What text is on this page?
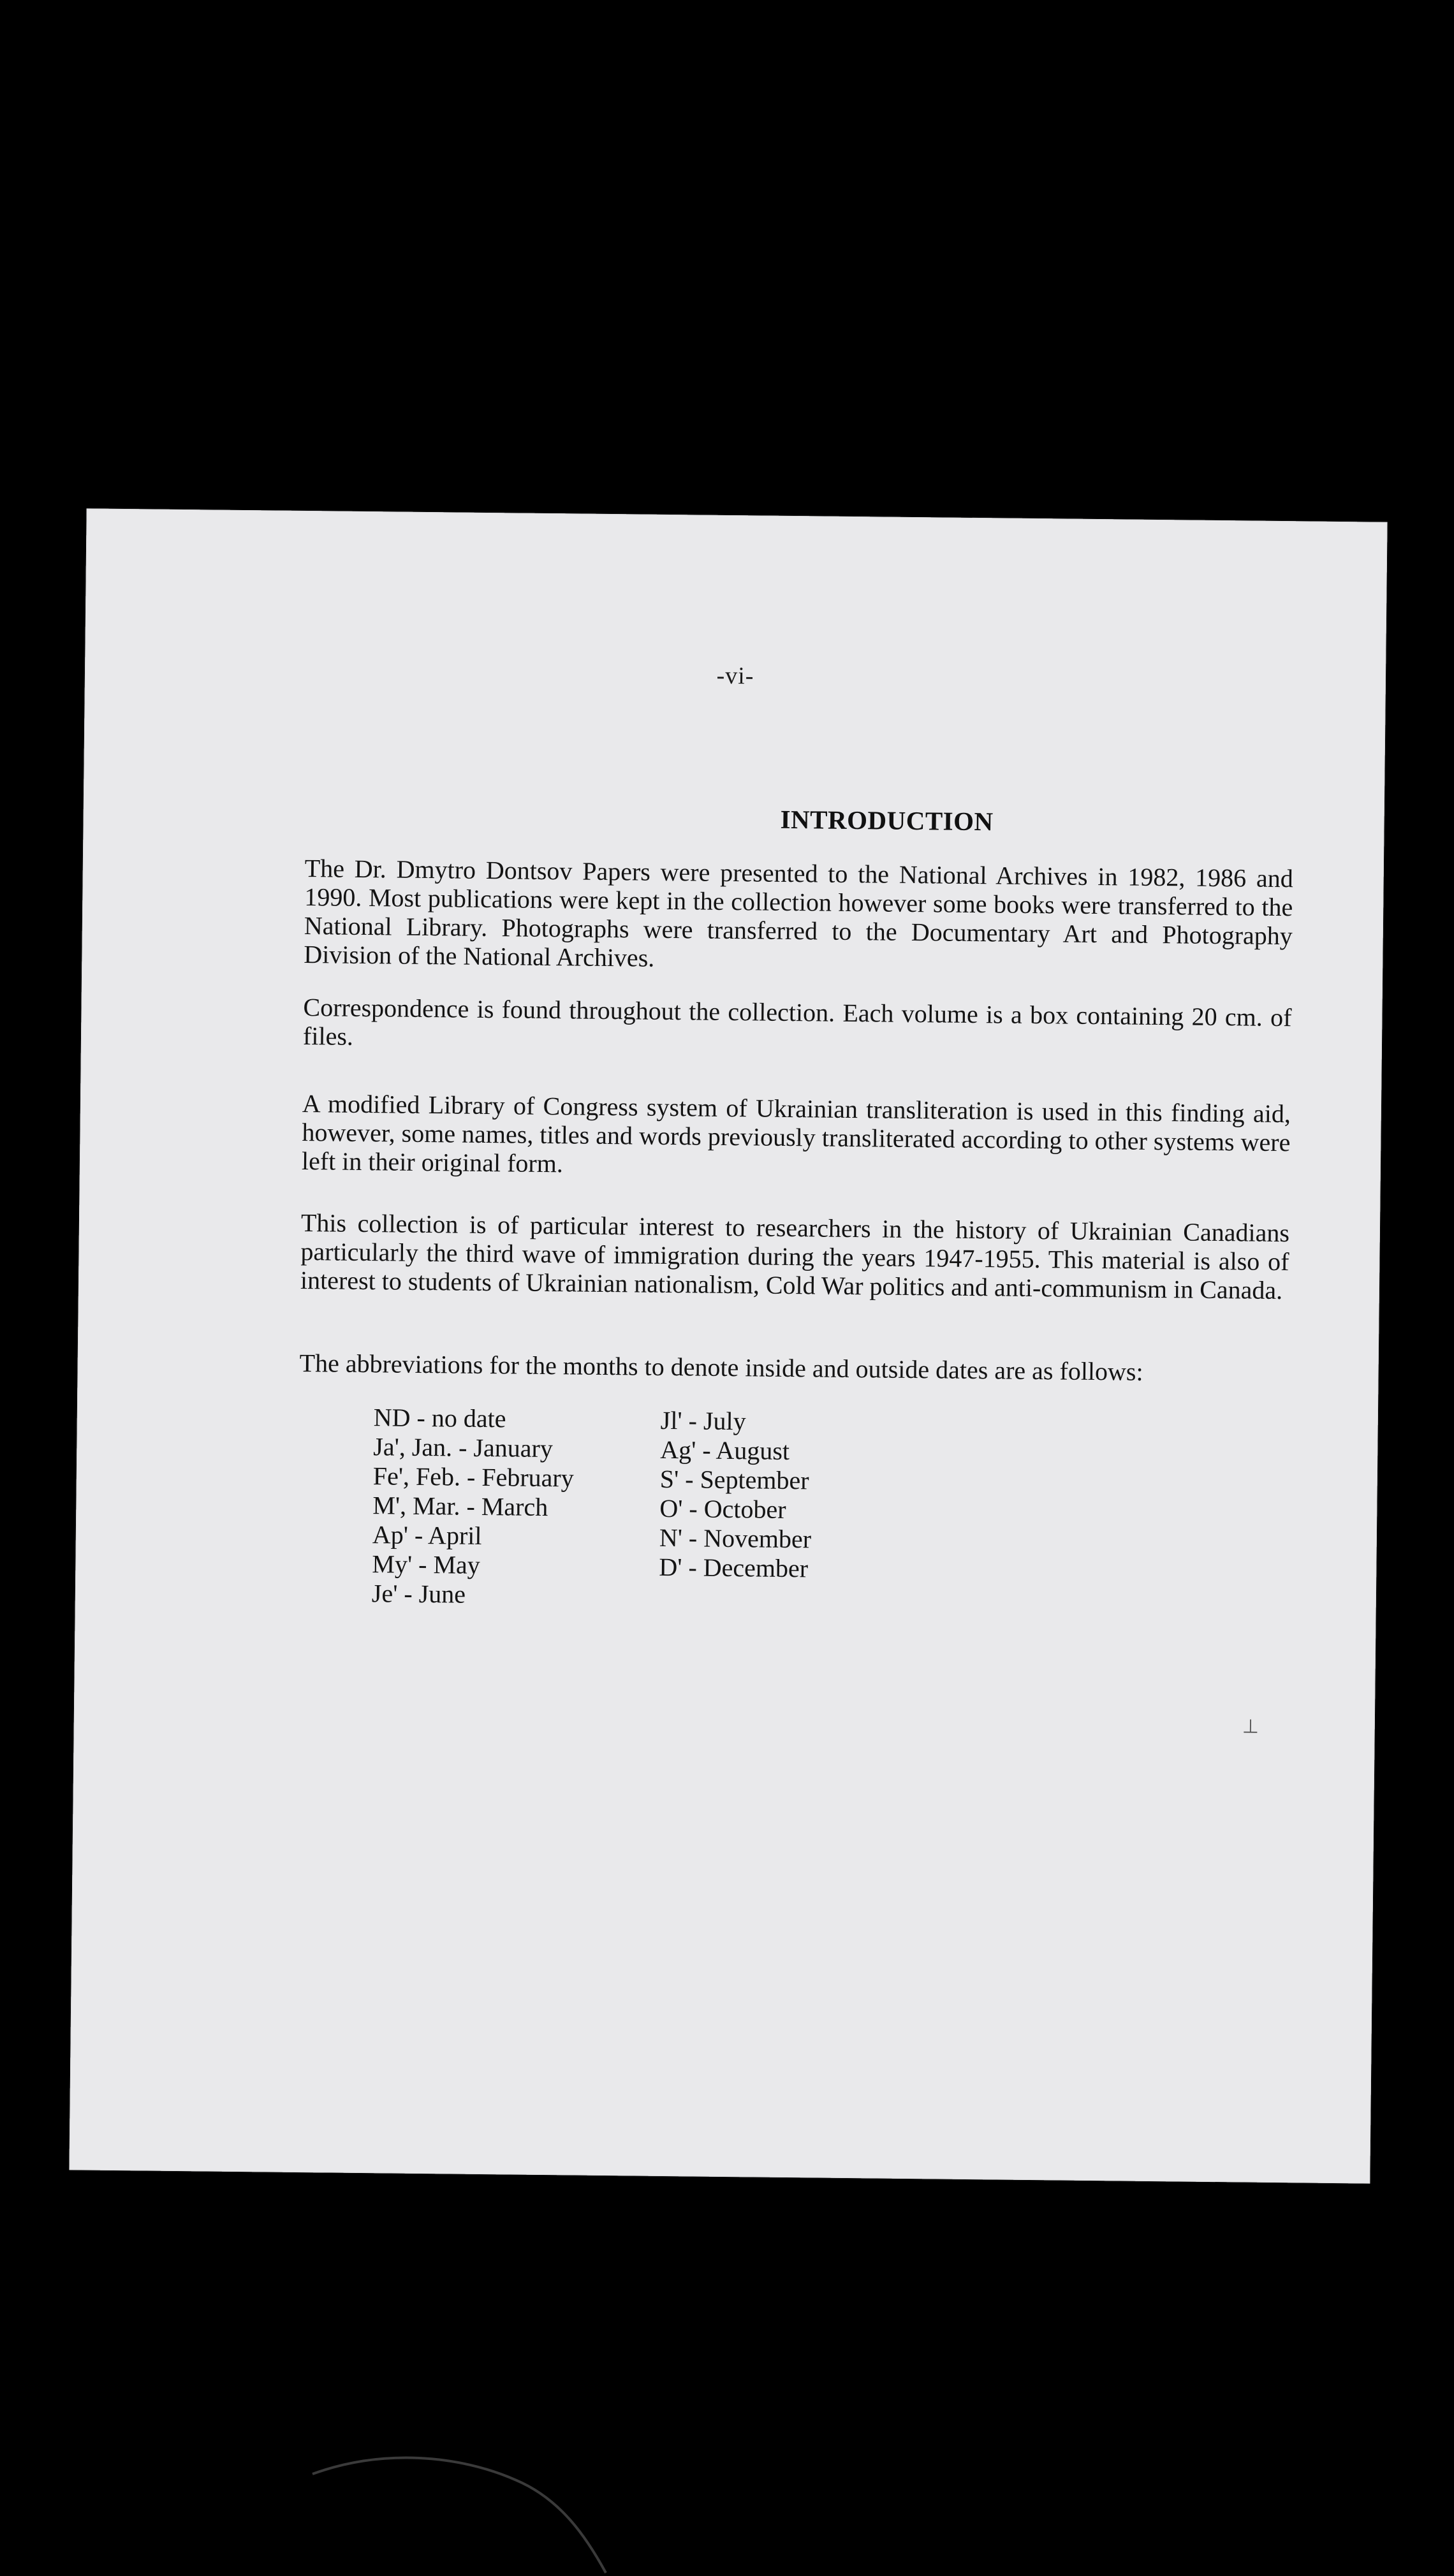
-vi-
INTRODUCTION

The Dr. Dmytro Dontsov Papers were presented to the National Archives in 1982, 1986 and 1990. Most publications were kept in the collection however some books were transferred to the National Library. Photographs were transferred to the Documentary Art and Photography Division of the National Archives.

Correspondence is found throughout the collection. Each volume is a box containing 20 cm. of files.

A modified Library of Congress system of Ukrainian transliteration is used in this finding aid, however, some names, titles and words previously transliterated according to other systems were left in their original form.

This collection is of particular interest to researchers in the history of Ukrainian Canadians particularly the third wave of immigration during the years 1947-1955. This material is also of interest to students of Ukrainian nationalism, Cold War politics and anti-communism in Canada.

The abbreviations for the months to denote inside and outside dates are as follows:

ND - no date
Ja', Jan. - January
Fe', Feb. - February
M', Mar. - March
Ap' - April
My' - May
Je' - June
Jl' - July
Ag' - August
S' - September
O' - October
N' - November
D' - December
⊥
